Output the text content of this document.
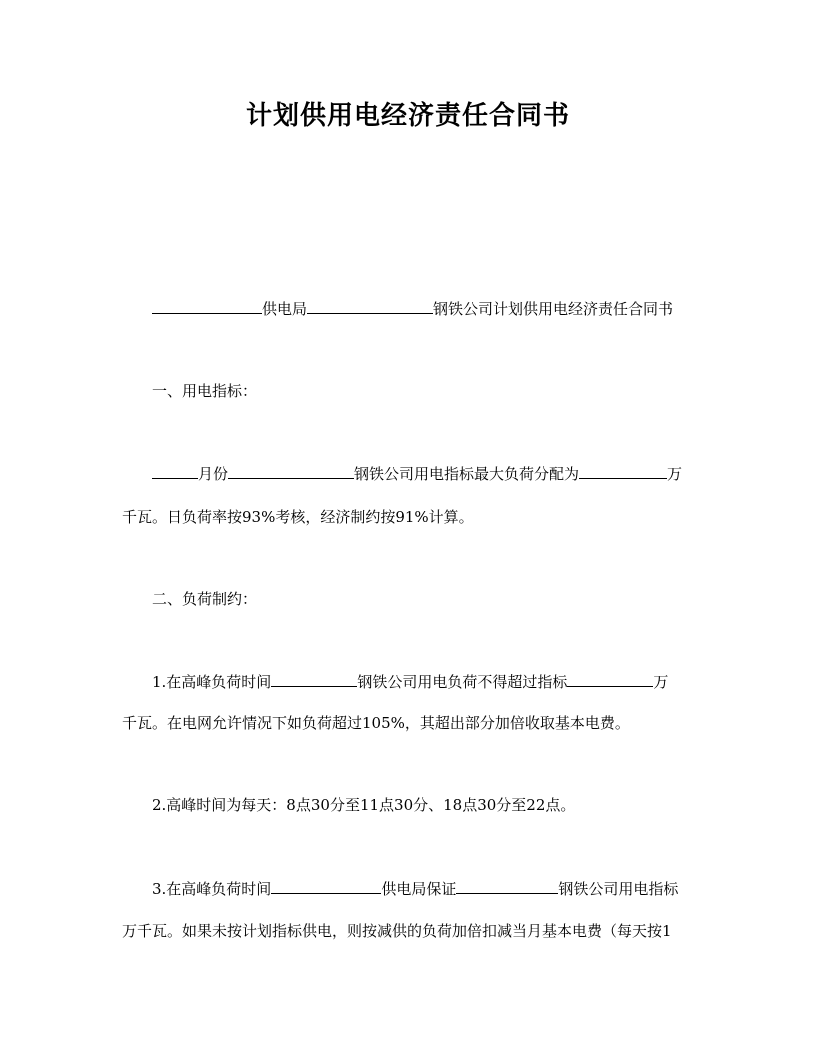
计划供用电经济责任合同书
供电局	钢铁公司计划供用电经济责任合同书
一、用电指标：
月份	钢铁公司用电指标最大负荷分配为	万
千瓦。日负荷率按93%考核，经济制约按91%计算。
二、负荷制约：
1.在高峰负荷时间	钢铁公司用电负荷不得超过指标	万
千瓦。在电网允许情况下如负荷超过105%，其超出部分加倍收取基本电费。
2.高峰时间为每天：8点30分至11点30分、18点30分至22点。
3.在高峰负荷时间	供电局保证	钢铁公司用电指标
万千瓦。如果未按计划指标供电，则按减供的负荷加倍扣减当月基本电费（每天按1
